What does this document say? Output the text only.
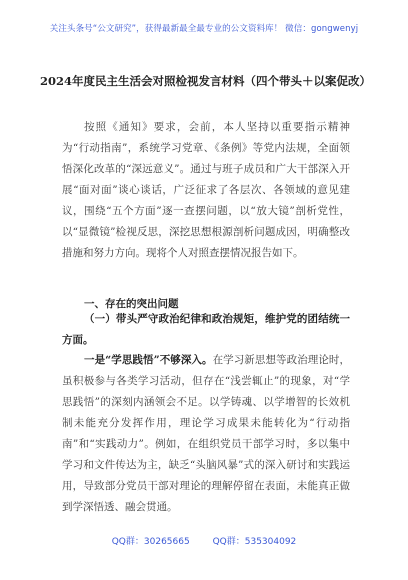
关注头条号“公文研究”，获得最新最全最专业的公文资料库！ 微信：gongwenyj
2024年度民主生活会对照检视发言材料（四个带头＋以案促改）
按照《通知》要求，会前，本人坚持以重要指示精神为“行动指南”，系统学习党章、《条例》等党内法规，全面领悟深化改革的“深远意义”。通过与班子成员和广大干部深入开展“面对面”谈心谈话，广泛征求了各层次、各领域的意见建议，围绕“五个方面”逐一查摆问题，以“放大镜”剖析党性，以“显微镜”检视反思，深挖思想根源剖析问题成因，明确整改措施和努力方向。现将个人对照查摆情况报告如下。
一、存在的突出问题
（一）带头严守政治纪律和政治规矩，维护党的团结统一方面。
一是“学思践悟”不够深入。在学习新思想等政治理论时，虽积极参与各类学习活动，但存在“浅尝辄止”的现象，对“学思践悟”的深刻内涵领会不足。以学铸魂、以学增智的长效机制未能充分发挥作用，理论学习成果未能转化为“行动指南”和“实践动力”。例如，在组织党员干部学习时，多以集中学习和文件传达为主，缺乏“头脑风暴”式的深入研讨和实践运用，导致部分党员干部对理论的理解停留在表面，未能真正做到学深悟透、融会贯通。
QQ群：30265665	QQ群：535304092
